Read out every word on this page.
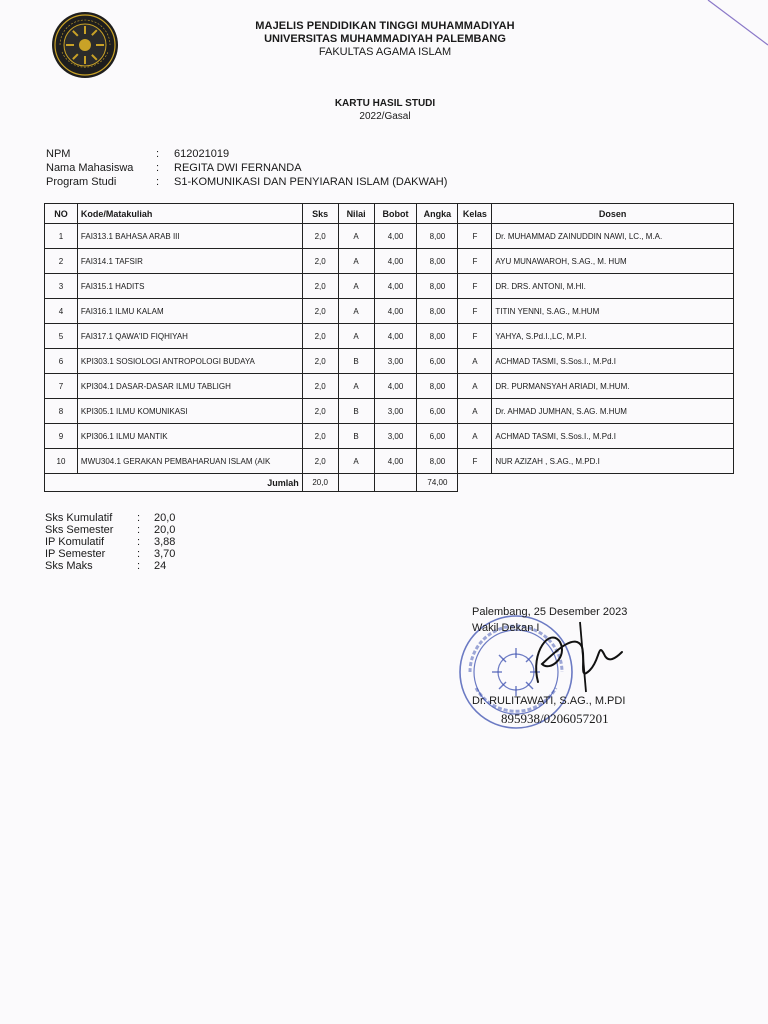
MAJELIS PENDIDIKAN TINGGI MUHAMMADIYAH
UNIVERSITAS MUHAMMADIYAH PALEMBANG
FAKULTAS AGAMA ISLAM
KARTU HASIL STUDI
2022/Gasal
NPM	:	612021019
Nama Mahasiswa	:	REGITA DWI FERNANDA
Program Studi	:	S1-KOMUNIKASI DAN PENYIARAN ISLAM (DAKWAH)
NO	Kode/Matakuliah	Sks	Nilai	Bobot	Angka	Kelas	Dosen
1	FAI313.1 BAHASA ARAB III	2,0	A	4,00	8,00	F	Dr. MUHAMMAD ZAINUDDIN NAWI, LC., M.A.
2	FAI314.1 TAFSIR	2,0	A	4,00	8,00	F	AYU MUNAWAROH, S.AG., M. HUM
3	FAI315.1 HADITS	2,0	A	4,00	8,00	F	DR. DRS. ANTONI, M.HI.
4	FAI316.1 ILMU KALAM	2,0	A	4,00	8,00	F	TITIN YENNI, S.AG., M.HUM
5	FAI317.1 QAWA'ID FIQHIYAH	2,0	A	4,00	8,00	F	YAHYA, S.Pd.I.,LC, M.P.I.
6	KPI303.1 SOSIOLOGI ANTROPOLOGI BUDAYA	2,0	B	3,00	6,00	A	ACHMAD TASMI, S.Sos.I., M.Pd.I
7	KPI304.1 DASAR-DASAR ILMU TABLIGH	2,0	A	4,00	8,00	A	DR. PURMANSYAH ARIADI, M.HUM.
8	KPI305.1 ILMU KOMUNIKASI	2,0	B	3,00	6,00	A	Dr. AHMAD JUMHAN, S.AG. M.HUM
9	KPI306.1 ILMU MANTIK	2,0	B	3,00	6,00	A	ACHMAD TASMI, S.Sos.I., M.Pd.I
10	MWU304.1 GERAKAN PEMBAHARUAN ISLAM (AIK	2,0	A	4,00	8,00	F	NUR AZIZAH , S.AG., M.PD.I
Jumlah		20,0			74,00		
Sks Kumulatif	:	20,0
Sks Semester	:	20,0
IP Komulatif	:	3,88
IP Semester	:	3,70
Sks Maks	:	24
Palembang, 25 Desember 2023
Wakil Dekan I
Dr. RULITAWATI, S.AG., M.PDI
895938/0206057201
